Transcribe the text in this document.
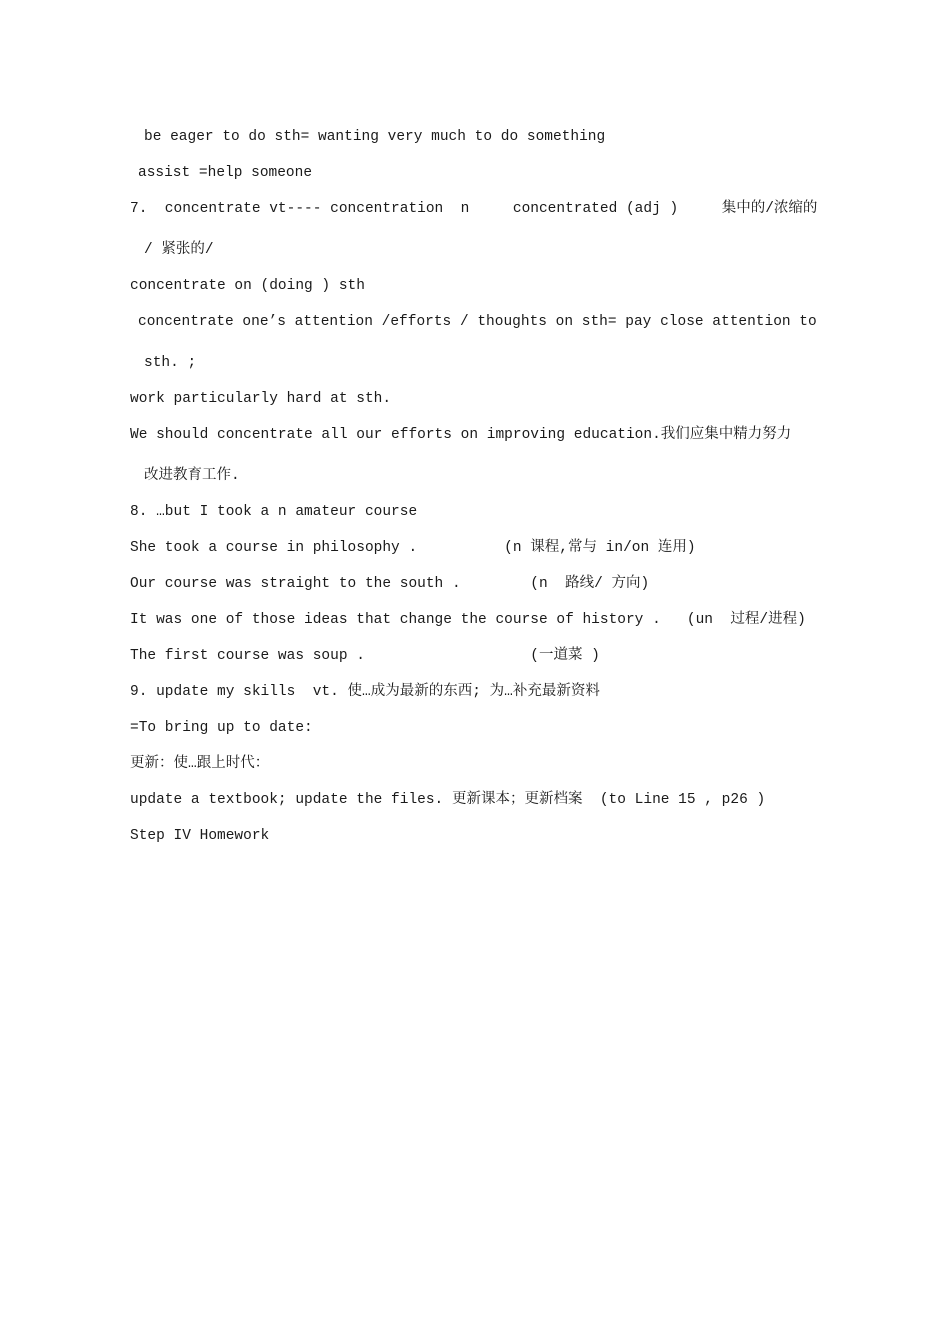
be eager to do sth= wanting very much to do something
assist =help someone
7.  concentrate vt---- concentration  n     concentrated (adj )     集中的/浓缩的
/ 紧张的/
concentrate on (doing ) sth
concentrate one’s attention /efforts / thoughts on sth= pay close attention to
sth. ;
work particularly hard at sth.
We should concentrate all our efforts on improving education.我们应集中精力努力
改进教育工作.
8. …but I took a n amateur course
She took a course in philosophy .          (n 课程,常与 in/on 连用)
Our course was straight to the south .        (n  路线/ 方向)
It was one of those ideas that change the course of history .   (un  过程/进程)
The first course was soup .                   (一道菜 )
9. update my skills  vt. 使…成为最新的东西; 为…补充最新资料
=To bring up to date:
更新：使…跟上时代：
update a textbook; update the files. 更新课本；更新档案  (to Line 15 , p26 )
Step IV Homework
